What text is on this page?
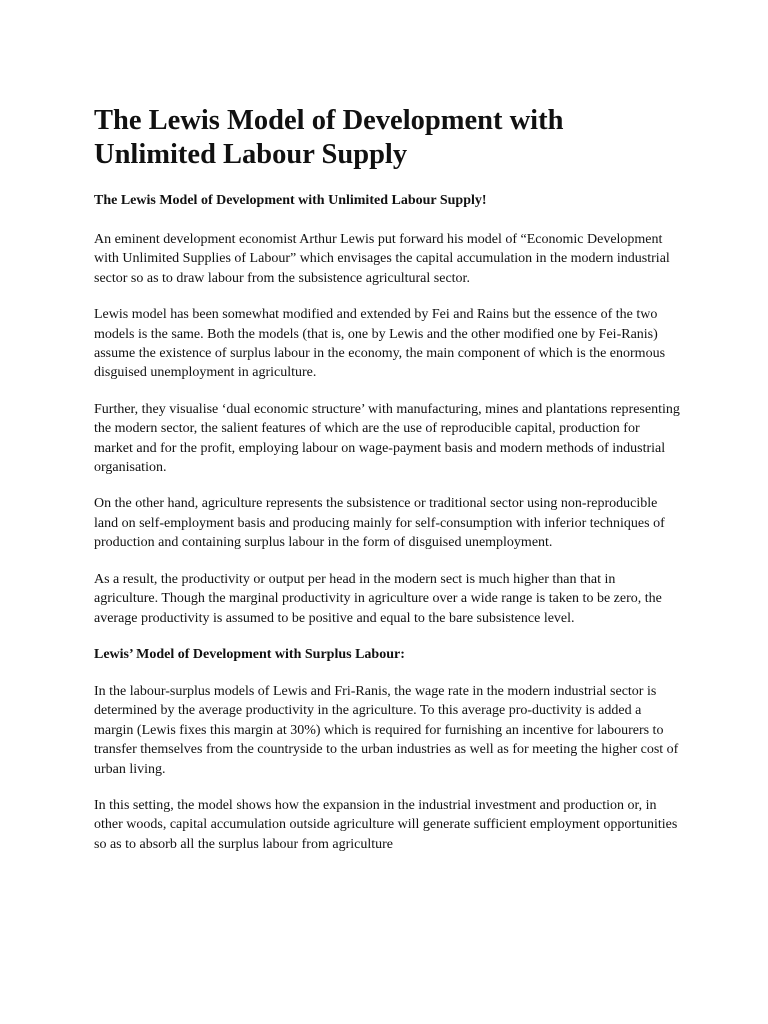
The Lewis Model of Development with Unlimited Labour Supply

The Lewis Model of Development with Unlimited Labour Supply!

An eminent development economist Arthur Lewis put forward his model of “Economic Development with Unlimited Supplies of Labour” which envisages the capital accumulation in the modern industrial sector so as to draw labour from the subsistence agricultural sector.

Lewis model has been somewhat modified and extended by Fei and Rains but the essence of the two models is the same. Both the models (that is, one by Lewis and the other modified one by Fei-Ranis) assume the existence of surplus labour in the economy, the main component of which is the enormous disguised unemployment in agriculture.

Further, they visualise ‘dual economic structure’ with manufacturing, mines and plantations representing the modern sector, the salient features of which are the use of reproducible capital, production for market and for the profit, employing labour on wage-payment basis and modern methods of industrial organisation.

On the other hand, agriculture represents the subsistence or traditional sector using non-reproducible land on self-employment basis and producing mainly for self-consumption with inferior techniques of production and containing surplus labour in the form of disguised unemployment.

As a result, the productivity or output per head in the modern sect is much higher than that in agriculture. Though the marginal productivity in agriculture over a wide range is taken to be zero, the average productivity is assumed to be positive and equal to the bare subsistence level.

Lewis’ Model of Development with Surplus Labour:

In the labour-surplus models of Lewis and Fri-Ranis, the wage rate in the modern industrial sector is determined by the average productivity in the agriculture. To this average pro-ductivity is added a margin (Lewis fixes this margin at 30%) which is required for furnishing an incentive for labourers to transfer themselves from the countryside to the urban industries as well as for meeting the higher cost of urban living.

In this setting, the model shows how the expansion in the industrial investment and production or, in other woods, capital accumulation outside agriculture will generate sufficient employment opportunities so as to absorb all the surplus labour from agriculture
